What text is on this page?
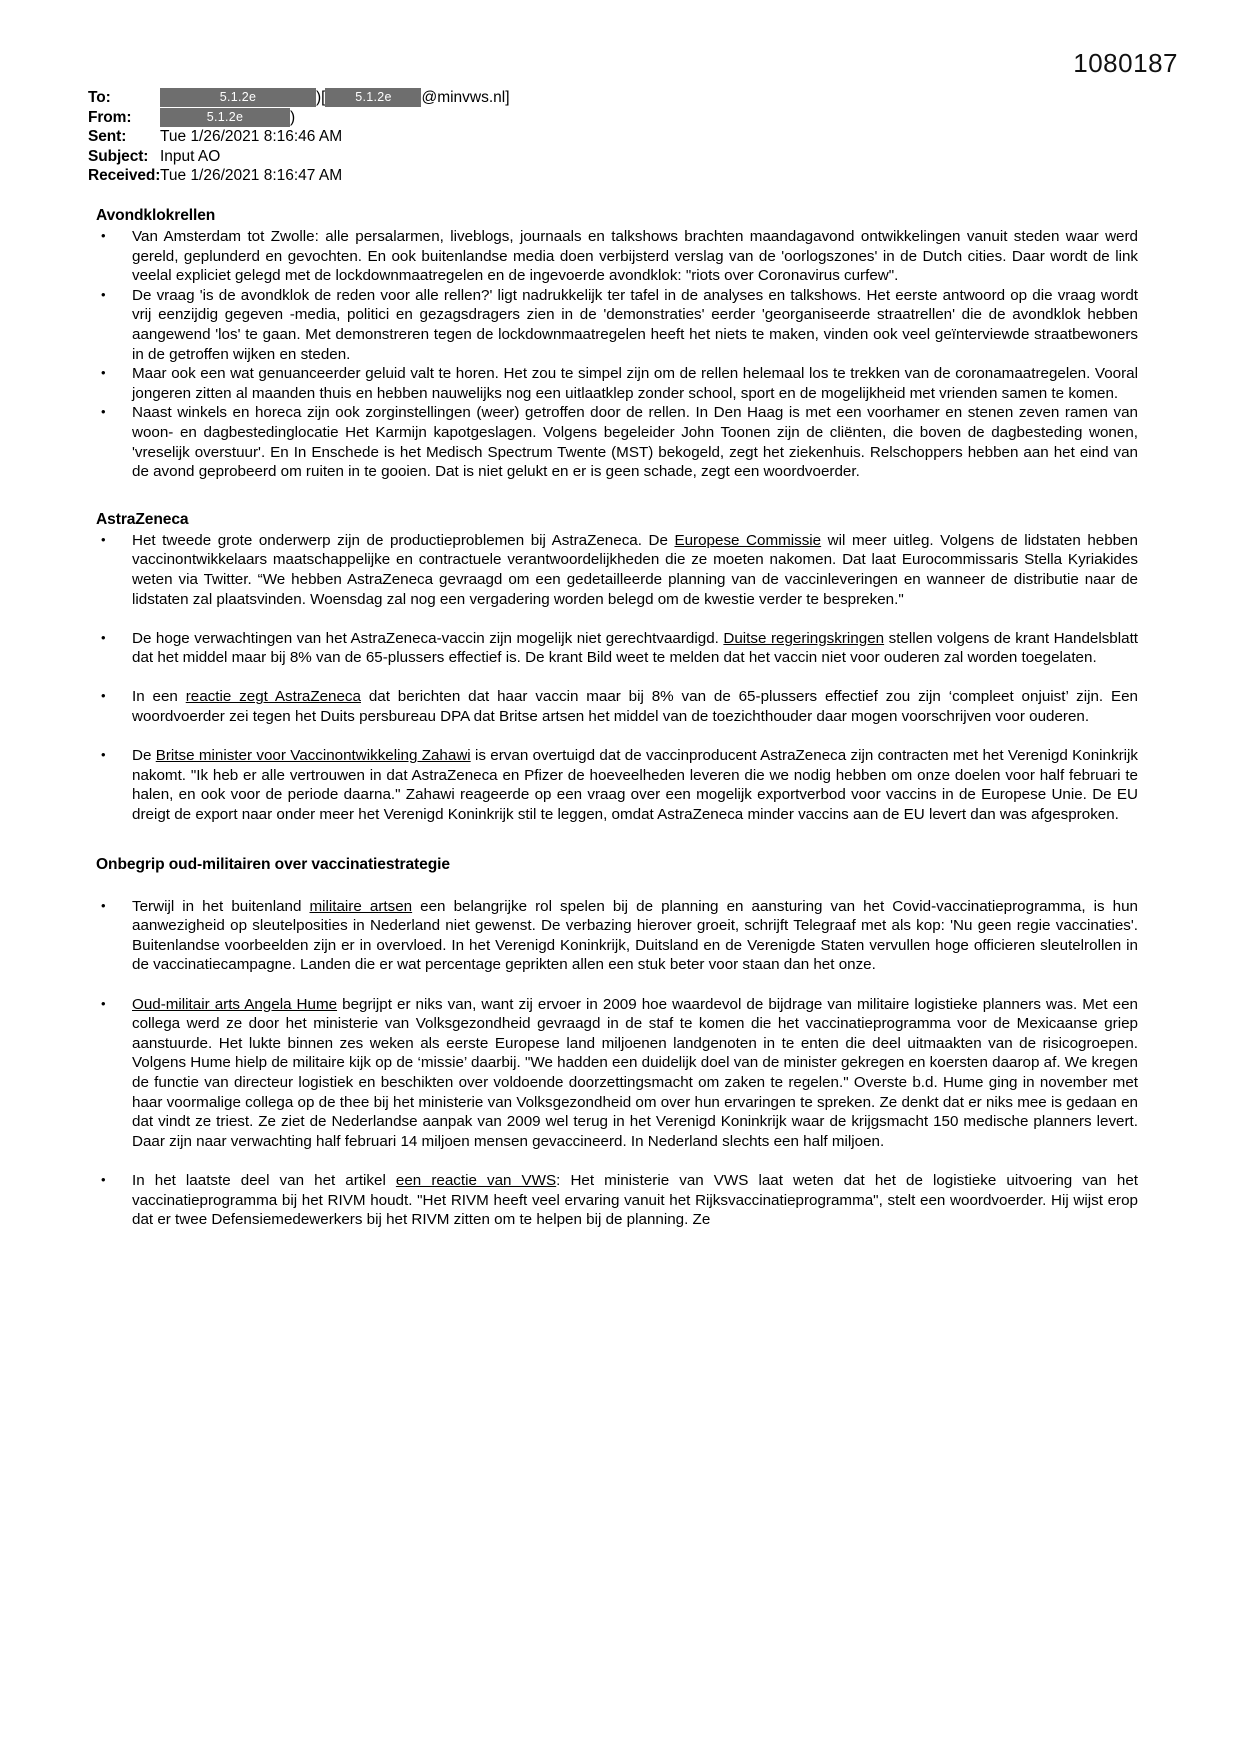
1080187
To:	5.1.2e	)[	5.1.2e	@minvws.nl]
From:	5.1.2e	)
Sent:	Tue 1/26/2021 8:16:46 AM
Subject: Input AO
Received: Tue 1/26/2021 8:16:47 AM
Avondklokrellen
• Van Amsterdam tot Zwolle: alle persalarmen, liveblogs, journaals en talkshows brachten maandagavond ontwikkelingen vanuit steden waar werd gereld, geplunderd en gevochten. En ook buitenlandse media doen verbijsterd verslag van de 'oorlogszones' in de Dutch cities. Daar wordt de link veelal expliciet gelegd met de lockdownmaatregelen en de ingevoerde avondklok: "riots over Coronavirus curfew".
• De vraag 'is de avondklok de reden voor alle rellen?' ligt nadrukkelijk ter tafel in de analyses en talkshows. Het eerste antwoord op die vraag wordt vrij eenzijdig gegeven -media, politici en gezagsdragers zien in de 'demonstraties' eerder 'georganiseerde straatrellen' die de avondklok hebben aangewend 'los' te gaan. Met demonstreren tegen de lockdownmaatregelen heeft het niets te maken, vinden ook veel geïnterviewde straatbewoners in de getroffen wijken en steden.
• Maar ook een wat genuanceerder geluid valt te horen. Het zou te simpel zijn om de rellen helemaal los te trekken van de coronamaatregelen. Vooral jongeren zitten al maanden thuis en hebben nauwelijks nog een uitlaatklep zonder school, sport en de mogelijkheid met vrienden samen te komen.
• Naast winkels en horeca zijn ook zorginstellingen (weer) getroffen door de rellen. In Den Haag is met een voorhamer en stenen zeven ramen van woon- en dagbestedinglocatie Het Karmijn kapotgeslagen. Volgens begeleider John Toonen zijn de cliënten, die boven de dagbesteding wonen, 'vreselijk overstuur'. En In Enschede is het Medisch Spectrum Twente (MST) bekogeld, zegt het ziekenhuis. Relschoppers hebben aan het eind van de avond geprobeerd om ruiten in te gooien. Dat is niet gelukt en er is geen schade, zegt een woordvoerder.
AstraZeneca
• Het tweede grote onderwerp zijn de productieproblemen bij AstraZeneca. De Europese Commissie wil meer uitleg. Volgens de lidstaten hebben vaccinontwikkelaars maatschappelijke en contractuele verantwoordelijkheden die ze moeten nakomen. Dat laat Eurocommissaris Stella Kyriakides weten via Twitter. “We hebben AstraZeneca gevraagd om een gedetailleerde planning van de vaccinleveringen en wanneer de distributie naar de lidstaten zal plaatsvinden. Woensdag zal nog een vergadering worden belegd om de kwestie verder te bespreken."
• De hoge verwachtingen van het AstraZeneca-vaccin zijn mogelijk niet gerechtvaardigd. Duitse regeringskringen stellen volgens de krant Handelsblatt dat het middel maar bij 8% van de 65-plussers effectief is. De krant Bild weet te melden dat het vaccin niet voor ouderen zal worden toegelaten.
• In een reactie zegt AstraZeneca dat berichten dat haar vaccin maar bij 8% van de 65-plussers effectief zou zijn ‘compleet onjuist’ zijn. Een woordvoerder zei tegen het Duits persbureau DPA dat Britse artsen het middel van de toezichthouder daar mogen voorschrijven voor ouderen.
• De Britse minister voor Vaccinontwikkeling Zahawi is ervan overtuigd dat de vaccinproducent AstraZeneca zijn contracten met het Verenigd Koninkrijk nakomt. "Ik heb er alle vertrouwen in dat AstraZeneca en Pfizer de hoeveelheden leveren die we nodig hebben om onze doelen voor half februari te halen, en ook voor de periode daarna." Zahawi reageerde op een vraag over een mogelijk exportverbod voor vaccins in de Europese Unie. De EU dreigt de export naar onder meer het Verenigd Koninkrijk stil te leggen, omdat AstraZeneca minder vaccins aan de EU levert dan was afgesproken.
Onbegrip oud-militairen over vaccinatiestrategie
• Terwijl in het buitenland militaire artsen een belangrijke rol spelen bij de planning en aansturing van het Covid-vaccinatieprogramma, is hun aanwezigheid op sleutelposities in Nederland niet gewenst. De verbazing hierover groeit, schrijft Telegraaf met als kop: 'Nu geen regie vaccinaties'. Buitenlandse voorbeelden zijn er in overvloed. In het Verenigd Koninkrijk, Duitsland en de Verenigde Staten vervullen hoge officieren sleutelrollen in de vaccinatiecampagne. Landen die er wat percentage geprikten allen een stuk beter voor staan dan het onze.
• Oud-militair arts Angela Hume begrijpt er niks van, want zij ervoer in 2009 hoe waardevol de bijdrage van militaire logistieke planners was. Met een collega werd ze door het ministerie van Volksgezondheid gevraagd in de staf te komen die het vaccinatieprogramma voor de Mexicaanse griep aanstuurde. Het lukte binnen zes weken als eerste Europese land miljoenen landgenoten in te enten die deel uitmaakten van de risicogroepen. Volgens Hume hielp de militaire kijk op de ‘missie’ daarbij. "We hadden een duidelijk doel van de minister gekregen en koersten daarop af. We kregen de functie van directeur logistiek en beschikten over voldoende doorzettingsmacht om zaken te regelen." Overste b.d. Hume ging in november met haar voormalige collega op de thee bij het ministerie van Volksgezondheid om over hun ervaringen te spreken. Ze denkt dat er niks mee is gedaan en dat vindt ze triest. Ze ziet de Nederlandse aanpak van 2009 wel terug in het Verenigd Koninkrijk waar de krijgsmacht 150 medische planners levert. Daar zijn naar verwachting half februari 14 miljoen mensen gevaccineerd. In Nederland slechts een half miljoen.
• In het laatste deel van het artikel een reactie van VWS: Het ministerie van VWS laat weten dat het de logistieke uitvoering van het vaccinatieprogramma bij het RIVM houdt. "Het RIVM heeft veel ervaring vanuit het Rijksvaccinatieprogramma", stelt een woordvoerder. Hij wijst erop dat er twee Defensiemedewerkers bij het RIVM zitten om te helpen bij de planning. Ze
